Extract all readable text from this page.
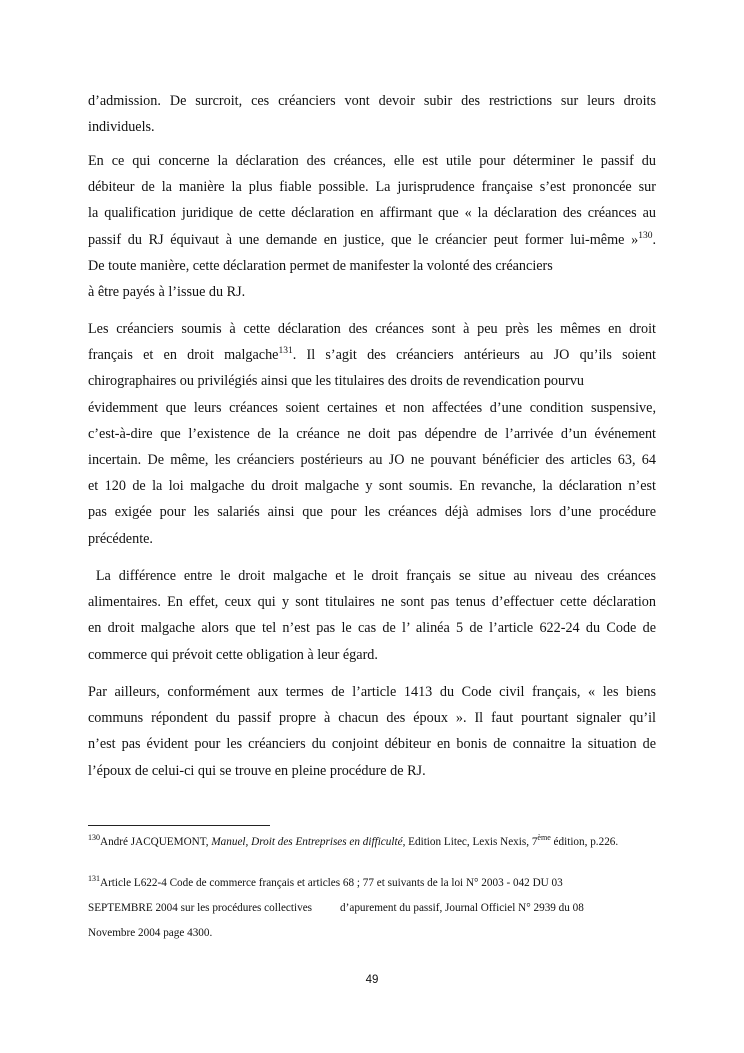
d’admission. De surcroit, ces créanciers vont devoir subir des restrictions sur leurs droits
individuels.
En ce qui concerne la déclaration des créances, elle est utile pour déterminer le passif du
débiteur de la manière la plus fiable possible. La jurisprudence française s’est prononcée sur
la qualification juridique de cette déclaration en affirmant que « la déclaration des créances au
passif du RJ équivaut à une demande en justice, que le créancier peut former lui-même »$^{130}$.
De toute manière, cette déclaration permet de manifester la volonté des créanciers
à être payés à l’issue du RJ.
Les créanciers soumis à cette déclaration des créances sont à peu près les mêmes en droit
français et en droit malgache$^{131}$. Il s’agit des créanciers antérieurs au JO qu’ils soient
chirographaires ou privilégiés ainsi que les titulaires des droits de revendication pourvu
évidemment que leurs créances soient certaines et non affectées d’une condition suspensive,
c’est-à-dire que l’existence de la créance ne doit pas dépendre de l’arrivée d’un événement
incertain. De même, les créanciers postérieurs au JO ne pouvant bénéficier des articles 63, 64
et 120 de la loi malgache du droit malgache y sont soumis. En revanche, la déclaration n’est
pas exigée pour les salariés ainsi que pour les créances déjà admises lors d’une procédure
précédente.
La différence entre le droit malgache et le droit français se situe au niveau des créances
alimentaires. En effet, ceux qui y sont titulaires ne sont pas tenus d’effectuer cette déclaration
en droit malgache alors que tel n’est pas le cas de l’ alinéa 5 de l’article 622-24 du Code de
commerce qui prévoit cette obligation à leur égard.
Par ailleurs, conformément aux termes de l’article 1413 du Code civil français, « les biens
communs répondent du passif propre à chacun des époux ». Il faut pourtant signaler qu’il
n’est pas évident pour les créanciers du conjoint débiteur en bonis de connaitre la situation de
l’époux de celui-ci qui se trouve en pleine procédure de RJ.
$^{130}$André JACQUEMONT, Manuel, Droit des Entreprises en difficulté, Edition Litec, Lexis Nexis, 7ème édition, p.226.
$^{131}$Article L622-4 Code de commerce français et articles 68 ; 77 et suivants de la loi N° 2003 - 042 DU 03
SEPTEMBRE 2004 sur les procédures collectives	d’apurement du passif, Journal Officiel N° 2939 du 08
Novembre 2004 page 4300.
49
